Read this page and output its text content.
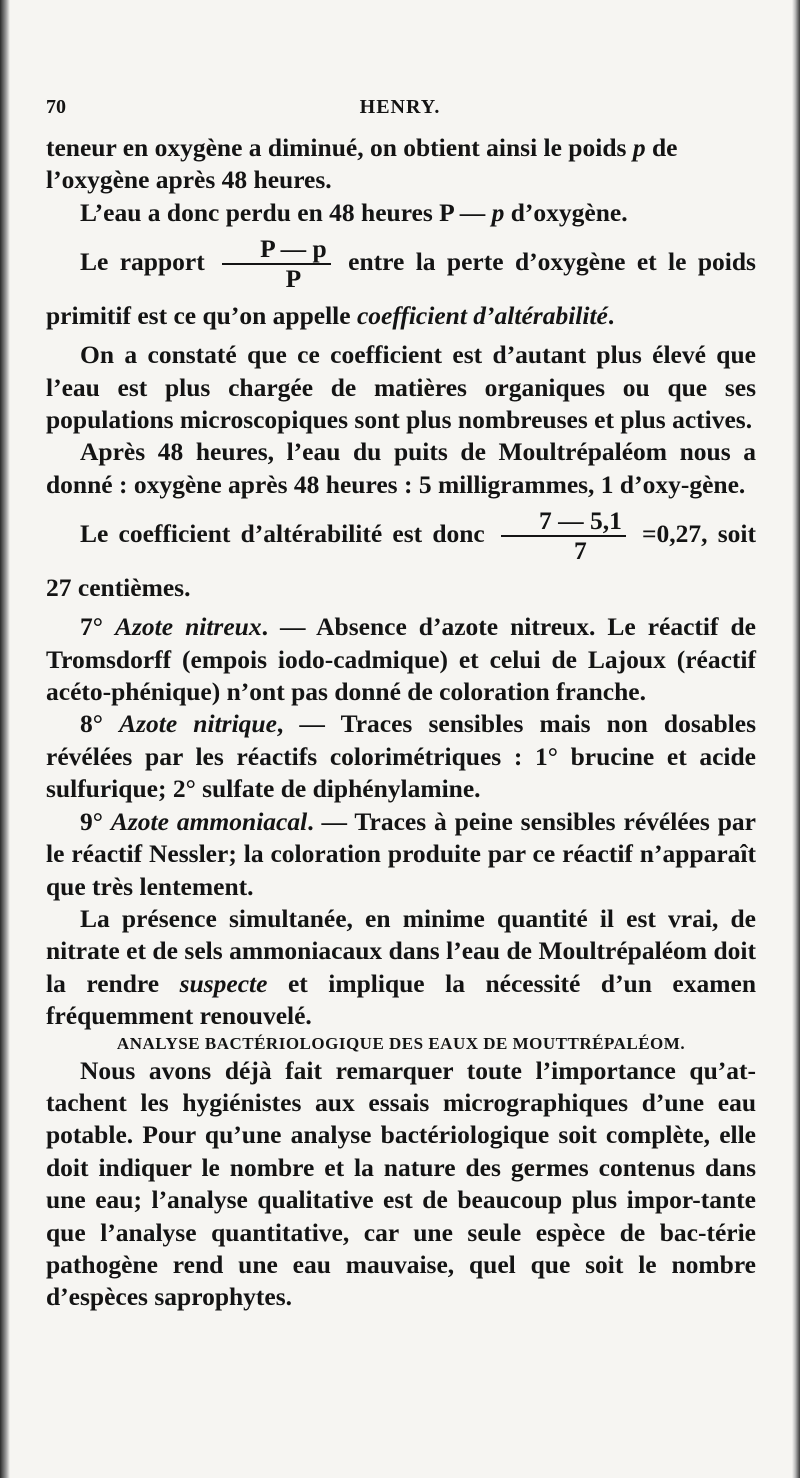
70	HENRY.

teneur en oxygène a diminué, on obtient ainsi le poids p de
l’oxygène après 48 heures.

L’eau a donc perdu en 48 heures P — p d’oxygène.

Le rapport $\frac{P — p}{P}$ entre la perte d’oxygène et le poids primitif est ce qu’on appelle coefficient d’altérabilité.

On a constaté que ce coefficient est d’autant plus élevé que l’eau est plus chargée de matières organiques ou que ses populations microscopiques sont plus nombreuses et plus actives.

Après 48 heures, l’eau du puits de Moultrépaléom nous a donné : oxygène après 48 heures : 5 milligrammes, 1 d’oxy-gène.

Le coefficient d’altérabilité est donc $\frac{7 — 5,1}{7} =0,27$, soit 27 centièmes.

7° Azote nitreux. — Absence d’azote nitreux. Le réactif de Tromsdorff (empois iodo-cadmique) et celui de Lajoux (réactif acéto-phénique) n’ont pas donné de coloration franche.

8° Azote nitrique, — Traces sensibles mais non dosables révélées par les réactifs colorimétriques : 1° brucine et acide sulfurique; 2° sulfate de diphénylamine.

9° Azote ammoniacal. — Traces à peine sensibles révélées par le réactif Nessler; la coloration produite par ce réactif n’apparaît que très lentement.

La présence simultanée, en minime quantité il est vrai, de nitrate et de sels ammoniacaux dans l’eau de Moultrépaléom doit la rendre suspecte et implique la nécessité d’un examen fréquemment renouvelé.

ANALYSE BACTÉRIOLOGIQUE DES EAUX DE MOUTTRÉPALÉOM.

Nous avons déjà fait remarquer toute l’importance qu’at-tachent les hygiénistes aux essais micrographiques d’une eau potable. Pour qu’une analyse bactériologique soit complète, elle doit indiquer le nombre et la nature des germes contenus dans une eau; l’analyse qualitative est de beaucoup plus impor-tante que l’analyse quantitative, car une seule espèce de bac-térie pathogène rend une eau mauvaise, quel que soit le nombre d’espèces saprophytes.
